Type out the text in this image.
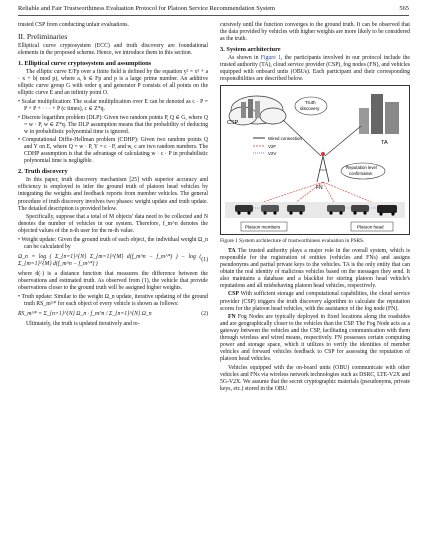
Reliable and Fair Trustworthiness Evaluation Protocol for Platoon Service Recommendation System	565

trusted CSP from conducting unfair evaluations.

II. Preliminaries

Elliptical curve cryptosystem (ECC) and truth discovery are foundational elements in the proposed scheme. Hence, we introduce them in this section.

1. Elliptical curve cryptosystem and assumptions

The elliptic curve E/Fp over a finite field is defined by the equation y² = x³ + a · x + b( mod p), where a, b ∈ Fp and p is a large prime number. An additive elliptic curve group G with order q and generator P consists of all points on the elliptic curve E and an infinity point O.

• Scalar multiplication: The scalar multiplication over E can be denoted as c · P = P + P + · · · + P (c times), c ∈ Z*q.

• Discrete logarithm problem (DLP): Given two random points P, Q ∈ G, where Q = w · P, w ∈ Z*q. The DLP assumption means that the probability of deducing w in probabilistic polynomial time is ignored.

• Computational Diffie-Hellman problem (CDHP): Given two random points Q and Y on E, where Q = w · P, Y = c · P, and w, c are two random numbers. The CDHP assumption is that the advantage of calculating w · c · P in probabilistic polynomial time is negligible.

2. Truth discovery

In this paper, truth discovery mechanism [25] with superior accuracy and efficiency is employed to infer the ground truth of platoon head vehicles by integrating the weights and feedback reports from member vehicles. The general procedure of truth discovery involves two phases: weight update and truth update. The detailed description is provided below.

Specifically, suppose that a total of M objects' data need to be collected and N denotes the number of vehicles in our system. Therefore, f_m^n denotes the objected values of the n-th user for the m-th value.

• Weight update: Given the ground truth of each object, the individual weight Ω_n can be calculated by

Ω_n = log ( Σ_{n=1}^{N} Σ_{m=1}^{M} d(f_m^n − f_m^*) ) − log ( Σ_{m=1}^{M} d(f_m^n − f_m^*) )
(1)

where d(·) is a distance function that measures the difference between the observations and estimated truth. As observed from (1), the vehicle that provide observations closer to the ground truth will be assigned higher weights.

• Truth update: Similar to the weight Ω_n update, iterative updating of the ground truth RS_m^* for each object of every vehicle is shown as follows:

RS_m^* = Σ_{n=1}^{N} Ω_n · f_m^n / Σ_{n=1}^{N} Ω_n	(2)

Ultimately, the truth is updated iteratively and re-

cursively until the function converges to the ground truth. It can be observed that the data provided by vehicles with higher weights are more likely to be considered as the truth.

3. System architecture

As shown in Figure 1, the participants involved in our protocol include the trusted authority (TA), cloud service provider (CSP), fog nodes (FN), and vehicles equipped with onboard units (OBUs). Each participant and their corresponding responsibilities are described below.

CSP
Truth
discovery
TA
Wired connection
V2F
V2V
FN
Reputation level
confirmation
Platoon members	Platoon head

Figure 1 System architecture of trustworthiness evaluation in PSRS.

TA The trusted authority plays a major role in the overall system, which is responsible for the registration of entities (vehicles and FNs) and assigns pseudonyms and partial private keys to the vehicles. TA is the only entity that can obtain the real identity of malicious vehicles based on the messages they send. It also maintains a database and a blacklist for storing platoon head vehicle's reputations and all misbehaving platoon head vehicles, respectively.

CSP With sufficient storage and computational capabilities, the cloud service provider (CSP) triggers the truth discovery algorithm to calculate the reputation scores for the platoon head vehicles, with the assistance of the fog node (FN).

FN Fog Nodes are typically deployed in fixed locations along the roadsides and are geographically closer to the vehicles than the CSP. The Fog Node acts as a gateway between the vehicles and the CSP, facilitating communication with them through wireless and wired means, respectively. FN possesses certain computing power and storage space, which it utilizes to verify the identities of member vehicles and forward vehicles feedback to CSP for assessing the reputation of platoon head vehicles.

Vehicles equipped with the on-board units (OBU) communicate with other vehicles and FNs via wireless network technologies such as DSRC, LTE-V2X and 5G-V2X. We assume that the secret cryptographic materials (pseudonyms, private keys, etc.) stored in the OBU
